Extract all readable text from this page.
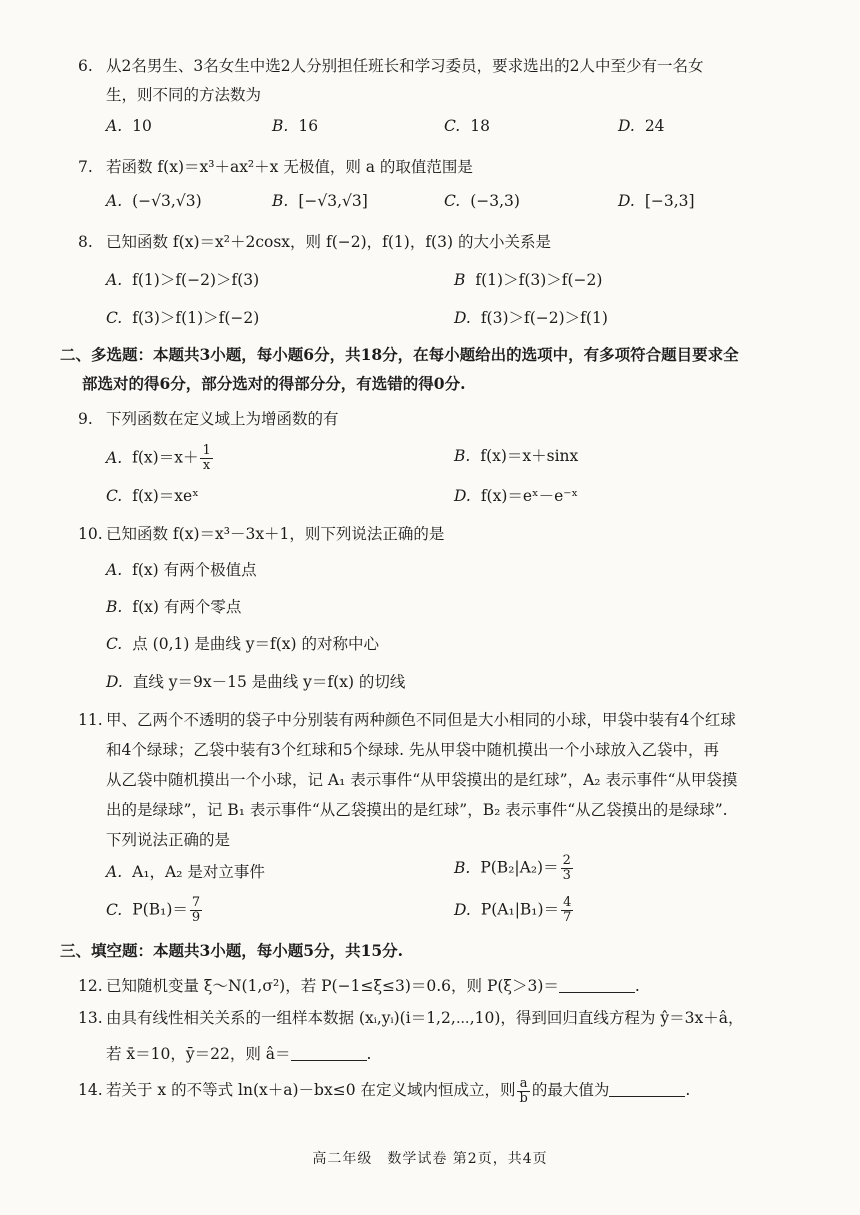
6. 从2名男生、3名女生中选2人分别担任班长和学习委员，要求选出的2人中至少有一名女
生，则不同的方法数为
A. 10	B. 16	C. 18	D. 24
7. 若函数 f(x)＝x³＋ax²＋x 无极值，则 a 的取值范围是
A. (−√3,√3)	B. [−√3,√3]	C. (−3,3)	D. [−3,3]
8. 已知函数 f(x)＝x²＋2cosx，则 f(−2)，f(1)，f(3) 的大小关系是
A. f(1)＞f(−2)＞f(3)	B f(1)＞f(3)＞f(−2)
C. f(3)＞f(1)＞f(−2)	D. f(3)＞f(−2)＞f(1)
二、多选题：本题共3小题，每小题6分，共18分，在每小题给出的选项中，有多项符合题目要求全
部选对的得6分，部分选对的得部分分，有选错的得0分.
9. 下列函数在定义域上为增函数的有
A. $f(x)=x+ \frac{1}{x}$	B. f(x)＝x＋sinx
C. f(x)＝xeˣ	D. f(x)＝eˣ－e⁻ˣ
10. 已知函数 f(x)＝x³－3x＋1，则下列说法正确的是
A. f(x) 有两个极值点
B. f(x) 有两个零点
C. 点 (0,1) 是曲线 y＝f(x) 的对称中心
D. 直线 y＝9x－15 是曲线 y＝f(x) 的切线
11. 甲、乙两个不透明的袋子中分别装有两种颜色不同但是大小相同的小球，甲袋中装有4个红球
和4个绿球；乙袋中装有3个红球和5个绿球. 先从甲袋中随机摸出一个小球放入乙袋中，再
从乙袋中随机摸出一个小球，记 A₁ 表示事件“从甲袋摸出的是红球”，A₂ 表示事件“从甲袋摸
出的是绿球”，记 B₁ 表示事件“从乙袋摸出的是红球”，B₂ 表示事件“从乙袋摸出的是绿球”.
下列说法正确的是
A. A₁，A₂ 是对立事件	B. $P(B_2|A_2)= \frac{2}{3}$
C. $P(B_1)= \frac{7}{9}$	D. $P(A_1|B_1)= \frac{4}{7}$
三、填空题：本题共3小题，每小题5分，共15分.
12. 已知随机变量 ξ～N(1,σ²)，若 P(−1≤ξ≤3)＝0.6，则 P(ξ＞3)＝	.
13. 由具有线性相关关系的一组样本数据 (xᵢ,yᵢ)(i＝1,2,⋯,10)，得到回归直线方程为 ŷ＝3x＋â，
若 x̄＝10，ȳ＝22，则 â＝	.
14. 若关于 x 的不等式 ln(x＋a)－bx≤0 在定义域内恒成立，则 $\frac{a}{b}$ 的最大值为	.
高二年级　数学试卷 第2页，共4页
